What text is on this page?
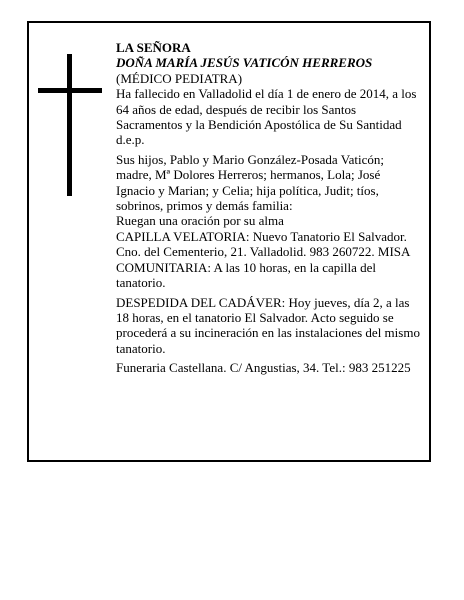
LA SEÑORA

DOÑA MARÍA JESÚS VATICÓN HERREROS

(MÉDICO PEDIATRA)

Ha fallecido en Valladolid el día 1 de enero de 2014, a los 64 años de edad, después de recibir los Santos Sacramentos y la Bendición Apostólica de Su Santidad d.e.p.

Sus hijos, Pablo y Mario González-Posada Vaticón; madre, Mª Dolores Herreros; hermanos, Lola; José Ignacio y Marian; y Celia; hija política, Judit; tíos, sobrinos, primos y demás familia:

Ruegan una oración por su alma

CAPILLA VELATORIA: Nuevo Tanatorio El Salvador. Cno. del Cementerio, 21. Valladolid. 983 260722. MISA COMUNITARIA: A las 10 horas, en la capilla del tanatorio.

DESPEDIDA DEL CADÁVER: Hoy jueves, día 2, a las 18 horas, en el tanatorio El Salvador. Acto seguido se procederá a su incineración en las instalaciones del mismo tanatorio.

Funeraria Castellana. C/ Angustias, 34. Tel.: 983 251225
